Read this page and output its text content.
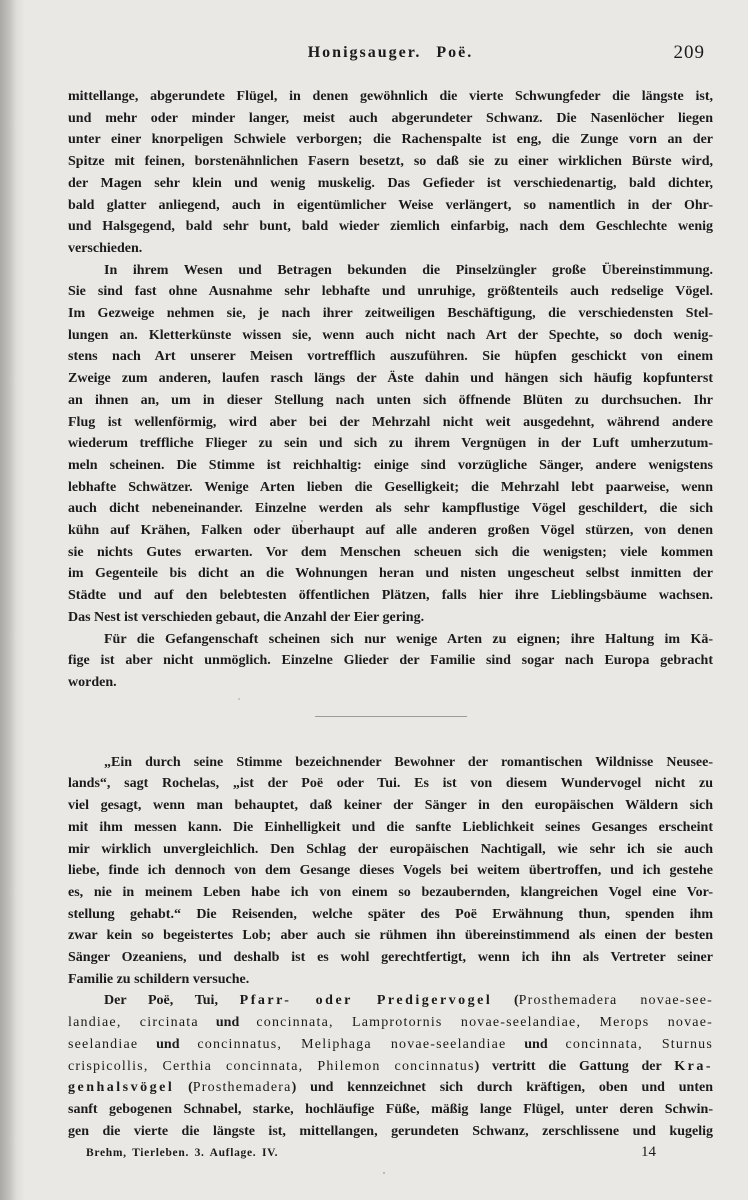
Honigsauger. Poë.	209

mittellange, abgerundete Flügel, in denen gewöhnlich die vierte Schwungfeder die längste ist,
und mehr oder minder langer, meist auch abgerundeter Schwanz. Die Nasenlöcher liegen
unter einer knorpeligen Schwiele verborgen; die Rachenspalte ist eng, die Zunge vorn an der
Spitze mit feinen, borstenähnlichen Fasern besetzt, so daß sie zu einer wirklichen Bürste wird,
der Magen sehr klein und wenig muskelig. Das Gefieder ist verschiedenartig, bald dichter,
bald glatter anliegend, auch in eigentümlicher Weise verlängert, so namentlich in der Ohr-
und Halsgegend, bald sehr bunt, bald wieder ziemlich einfarbig, nach dem Geschlechte wenig
verschieden.

In ihrem Wesen und Betragen bekunden die Pinselzüngler große Übereinstimmung.
Sie sind fast ohne Ausnahme sehr lebhafte und unruhige, größtenteils auch redselige Vögel.
Im Gezweige nehmen sie, je nach ihrer zeitweiligen Beschäftigung, die verschiedensten Stel-
lungen an. Kletterkünste wissen sie, wenn auch nicht nach Art der Spechte, so doch wenig-
stens nach Art unserer Meisen vortrefflich auszuführen. Sie hüpfen geschickt von einem
Zweige zum anderen, laufen rasch längs der Äste dahin und hängen sich häufig kopfunterst
an ihnen an, um in dieser Stellung nach unten sich öffnende Blüten zu durchsuchen. Ihr
Flug ist wellenförmig, wird aber bei der Mehrzahl nicht weit ausgedehnt, während andere
wiederum treffliche Flieger zu sein und sich zu ihrem Vergnügen in der Luft umherzutum-
meln scheinen. Die Stimme ist reichhaltig: einige sind vorzügliche Sänger, andere wenigstens
lebhafte Schwätzer. Wenige Arten lieben die Geselligkeit; die Mehrzahl lebt paarweise, wenn
auch dicht nebeneinander. Einzelne werden als sehr kampflustige Vögel geschildert, die sich
kühn auf Krähen, Falken oder überhaupt auf alle anderen großen Vögel stürzen, von denen
sie nichts Gutes erwarten. Vor dem Menschen scheuen sich die wenigsten; viele kommen
im Gegenteile bis dicht an die Wohnungen heran und nisten ungescheut selbst inmitten der
Städte und auf den belebtesten öffentlichen Plätzen, falls hier ihre Lieblingsbäume wachsen.
Das Nest ist verschieden gebaut, die Anzahl der Eier gering.

Für die Gefangenschaft scheinen sich nur wenige Arten zu eignen; ihre Haltung im Kä-
fige ist aber nicht unmöglich. Einzelne Glieder der Familie sind sogar nach Europa gebracht
worden.

„Ein durch seine Stimme bezeichnender Bewohner der romantischen Wildnisse Neusee-
lands“, sagt Rochelas, „ist der Poë oder Tui. Es ist von diesem Wundervogel nicht zu
viel gesagt, wenn man behauptet, daß keiner der Sänger in den europäischen Wäldern sich
mit ihm messen kann. Die Einhelligkeit und die sanfte Lieblichkeit seines Gesanges erscheint
mir wirklich unvergleichlich. Den Schlag der europäischen Nachtigall, wie sehr ich sie auch
liebe, finde ich dennoch von dem Gesange dieses Vogels bei weitem übertroffen, und ich gestehe
es, nie in meinem Leben habe ich von einem so bezaubernden, klangreichen Vogel eine Vor-
stellung gehabt.“ Die Reisenden, welche später des Poë Erwähnung thun, spenden ihm
zwar kein so begeistertes Lob; aber auch sie rühmen ihn übereinstimmend als einen der besten
Sänger Ozeaniens, und deshalb ist es wohl gerechtfertigt, wenn ich ihn als Vertreter seiner
Familie zu schildern versuche.

Der Poë, Tui, Pfarr- oder Predigervogel (Prosthemadera novae-see-
landiae, circinata und concinnata, Lamprotornis novae-seelandiae, Merops novae-
seelandiae und concinnatus, Meliphaga novae-seelandiae und concinnata, Sturnus
crispicollis, Certhia concinnata, Philemon concinnatus) vertritt die Gattung der Kra-
genhalsvögel (Prosthemadera) und kennzeichnet sich durch kräftigen, oben und unten
sanft gebogenen Schnabel, starke, hochläufige Füße, mäßig lange Flügel, unter deren Schwin-
gen die vierte die längste ist, mittellangen, gerundeten Schwanz, zerschlissene und kugelig

Brehm, Tierleben. 3. Auflage. IV.	14
